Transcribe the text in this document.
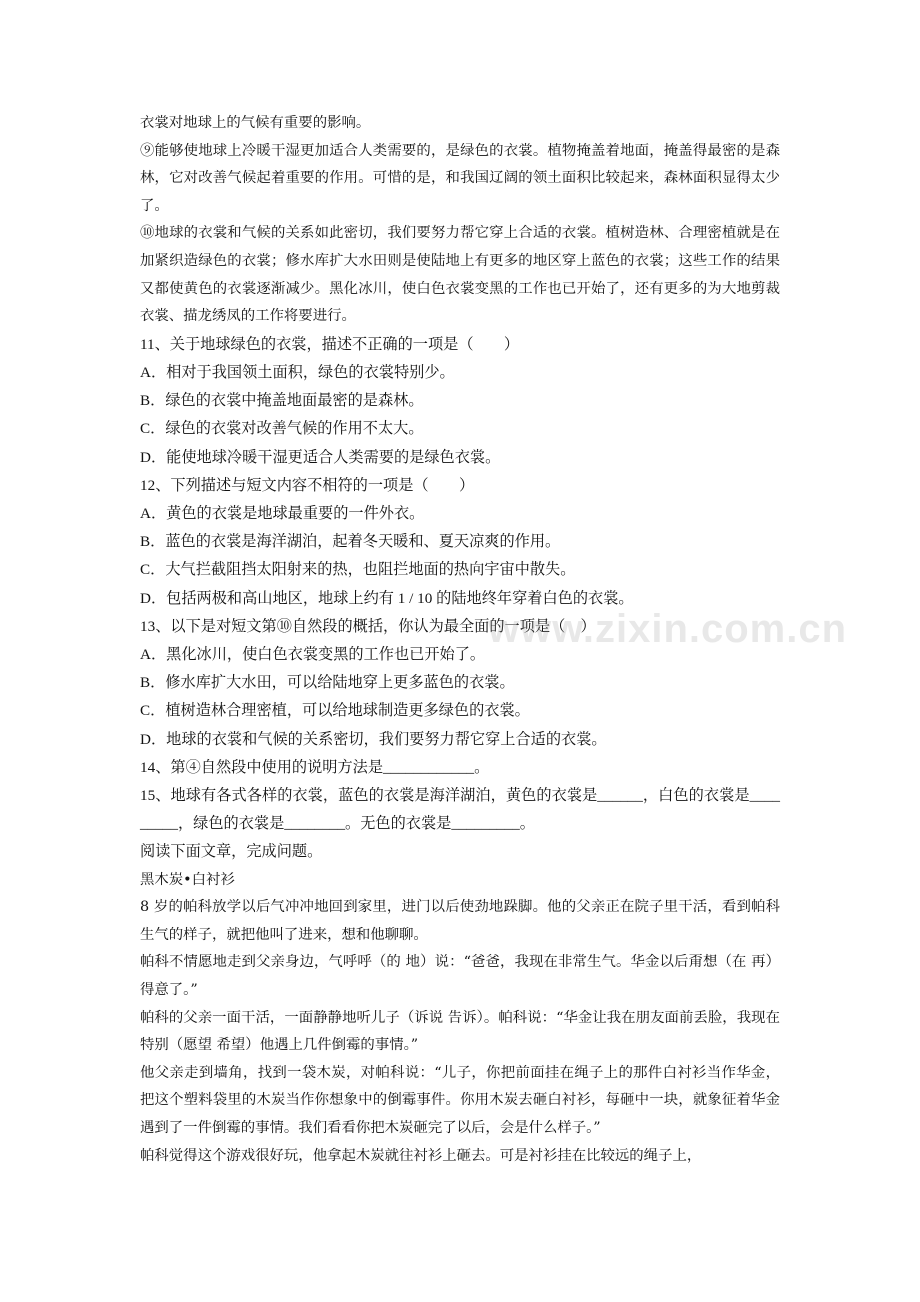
衣裳对地球上的气候有重要的影响。

⑨能够使地球上冷暖干湿更加适合人类需要的，是绿色的衣裳。植物掩盖着地面，掩盖得最密的是森林，它对改善气候起着重要的作用。可惜的是，和我国辽阔的领土面积比较起来，森林面积显得太少了。

⑩地球的衣裳和气候的关系如此密切，我们要努力帮它穿上合适的衣裳。植树造林、合理密植就是在加紧织造绿色的衣裳；修水库扩大水田则是使陆地上有更多的地区穿上蓝色的衣裳；这些工作的结果又都使黄色的衣裳逐渐减少。黑化冰川，使白色衣裳变黑的工作也已开始了，还有更多的为大地剪裁衣裳、描龙绣凤的工作将要进行。

11、关于地球绿色的衣裳，描述不正确的一项是（　　）

A．相对于我国领土面积，绿色的衣裳特别少。

B．绿色的衣裳中掩盖地面最密的是森林。

C．绿色的衣裳对改善气候的作用不太大。

D．能使地球冷暖干湿更适合人类需要的是绿色衣裳。

12、下列描述与短文内容不相符的一项是（　　）

A．黄色的衣裳是地球最重要的一件外衣。

B．蓝色的衣裳是海洋湖泊，起着冬天暖和、夏天凉爽的作用。

C．大气拦截阻挡太阳射来的热，也阻拦地面的热向宇宙中散失。

D．包括两极和高山地区，地球上约有 1 / 10 的陆地终年穿着白色的衣裳。

13、以下是对短文第⑩自然段的概括，你认为最全面的一项是（　）

A．黑化冰川，使白色衣裳变黑的工作也已开始了。

B．修水库扩大水田，可以给陆地穿上更多蓝色的衣裳。

C．植树造林合理密植，可以给地球制造更多绿色的衣裳。

D．地球的衣裳和气候的关系密切，我们要努力帮它穿上合适的衣裳。

14、第④自然段中使用的说明方法是____________。

15、地球有各式各样的衣裳，蓝色的衣裳是海洋湖泊，黄色的衣裳是______，白色的衣裳是_________，绿色的衣裳是________。无色的衣裳是_________。

阅读下面文章，完成问题。

黑木炭•白衬衫

8 岁的帕科放学以后气冲冲地回到家里，进门以后使劲地跺脚。他的父亲正在院子里干活，看到帕科生气的样子，就把他叫了进来，想和他聊聊。

帕科不情愿地走到父亲身边，气呼呼（的 地）说：“爸爸，我现在非常生气。华金以后甭想（在 再）得意了。”

帕科的父亲一面干活，一面静静地听儿子（诉说 告诉）。帕科说：“华金让我在朋友面前丢脸，我现在特别（愿望 希望）他遇上几件倒霉的事情。”

他父亲走到墙角，找到一袋木炭，对帕科说：“儿子，你把前面挂在绳子上的那件白衬衫当作华金，把这个塑料袋里的木炭当作你想象中的倒霉事件。你用木炭去砸白衬衫，每砸中一块，就象征着华金遇到了一件倒霉的事情。我们看看你把木炭砸完了以后，会是什么样子。”

帕科觉得这个游戏很好玩，他拿起木炭就往衬衫上砸去。可是衬衫挂在比较远的绳子上，

www.zixin.com.cn
